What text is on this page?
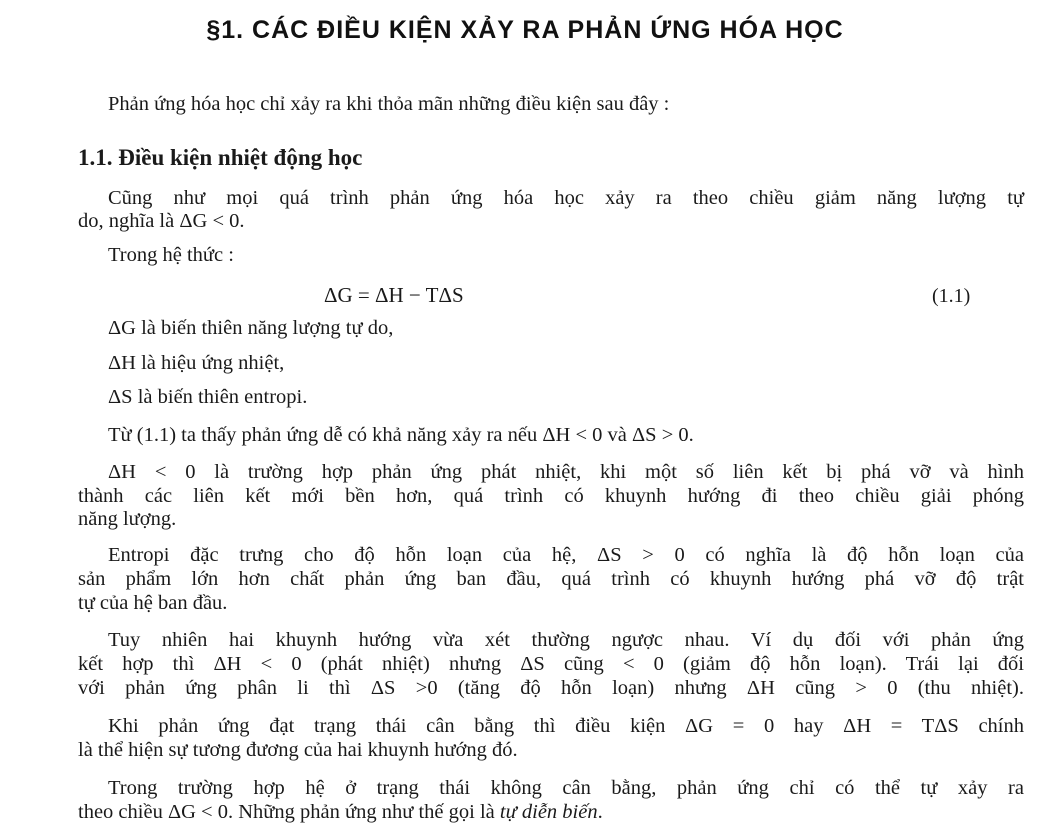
§1. CÁC ĐIỀU KIỆN XẢY RA PHẢN ỨNG HÓA HỌC
Phản ứng hóa học chỉ xảy ra khi thỏa mãn những điều kiện sau đây :
1.1. Điều kiện nhiệt động học
Cũng như mọi quá trình phản ứng hóa học xảy ra theo chiều giảm năng lượng tự
do, nghĩa là ΔG < 0.
Trong hệ thức :
ΔG = ΔH − TΔS	(1.1)
ΔG là biến thiên năng lượng tự do,
ΔH là hiệu ứng nhiệt,
ΔS là biến thiên entropi.
Từ (1.1) ta thấy phản ứng dễ có khả năng xảy ra nếu ΔH < 0 và ΔS > 0.
ΔH < 0 là trường hợp phản ứng phát nhiệt, khi một số liên kết bị phá vỡ và hình
thành các liên kết mới bền hơn, quá trình có khuynh hướng đi theo chiều giải phóng
năng lượng.
Entropi đặc trưng cho độ hỗn loạn của hệ, ΔS > 0 có nghĩa là độ hỗn loạn của
sản phẩm lớn hơn chất phản ứng ban đầu, quá trình có khuynh hướng phá vỡ độ trật
tự của hệ ban đầu.
Tuy nhiên hai khuynh hướng vừa xét thường ngược nhau. Ví dụ đối với phản ứng
kết hợp thì ΔH < 0 (phát nhiệt) nhưng ΔS cũng < 0 (giảm độ hỗn loạn). Trái lại đối
với phản ứng phân li thì ΔS >0 (tăng độ hỗn loạn) nhưng ΔH cũng > 0 (thu nhiệt).
Khi phản ứng đạt trạng thái cân bằng thì điều kiện ΔG = 0 hay ΔH = TΔS chính
là thể hiện sự tương đương của hai khuynh hướng đó.
Trong trường hợp hệ ở trạng thái không cân bằng, phản ứng chỉ có thể tự xảy ra
theo chiều ΔG < 0. Những phản ứng như thế gọi là tự diễn biến.
